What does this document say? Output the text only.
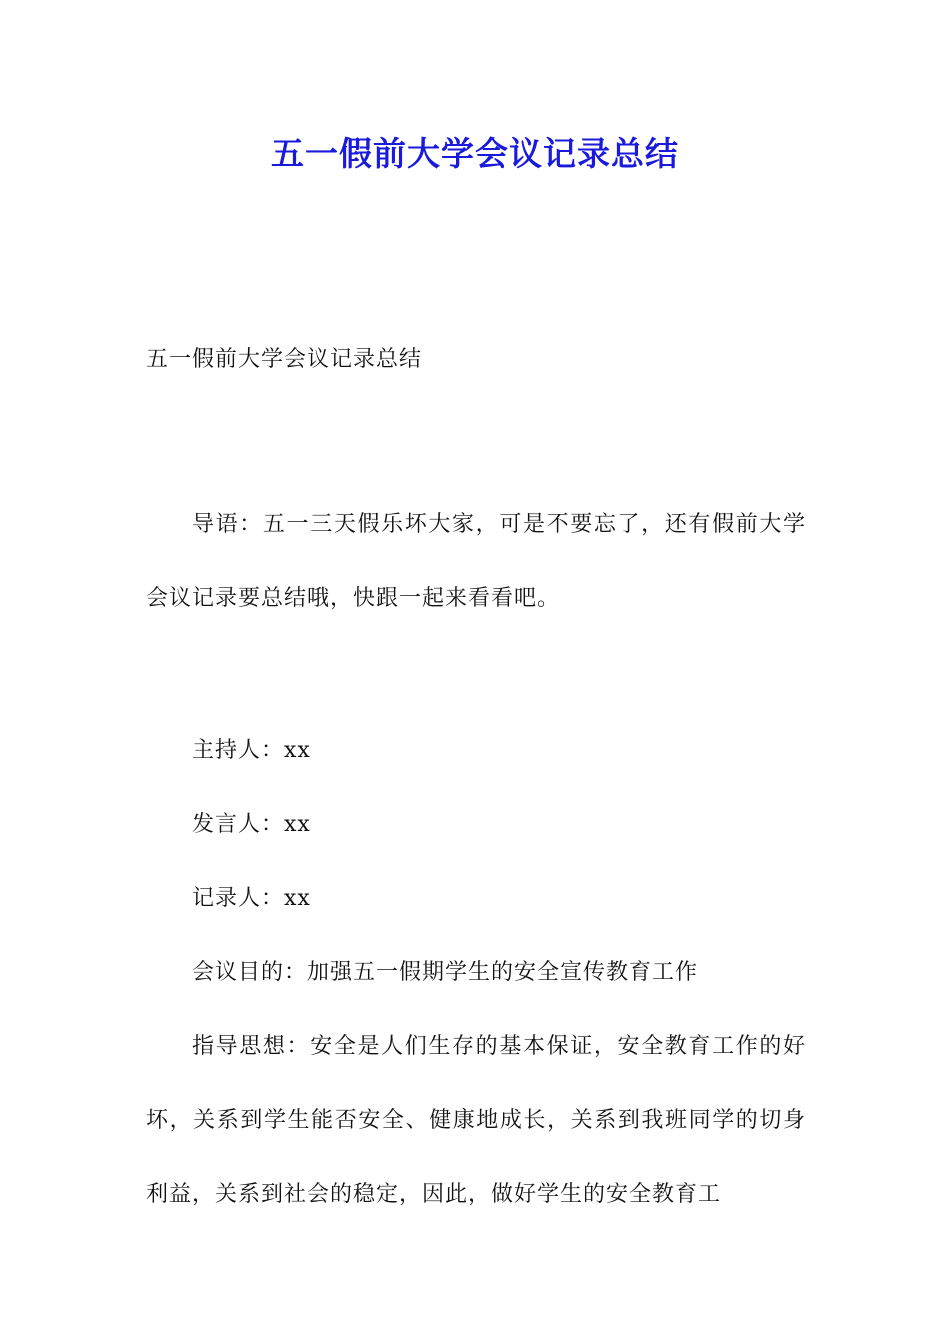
五一假前大学会议记录总结

五一假前大学会议记录总结

导语：五一三天假乐坏大家，可是不要忘了，还有假前大学会议记录要总结哦，快跟一起来看看吧。

主持人：xx

发言人：xx

记录人：xx

会议目的：加强五一假期学生的安全宣传教育工作

指导思想：安全是人们生存的基本保证，安全教育工作的好坏，关系到学生能否安全、健康地成长，关系到我班同学的切身利益，关系到社会的稳定，因此，做好学生的安全教育工
